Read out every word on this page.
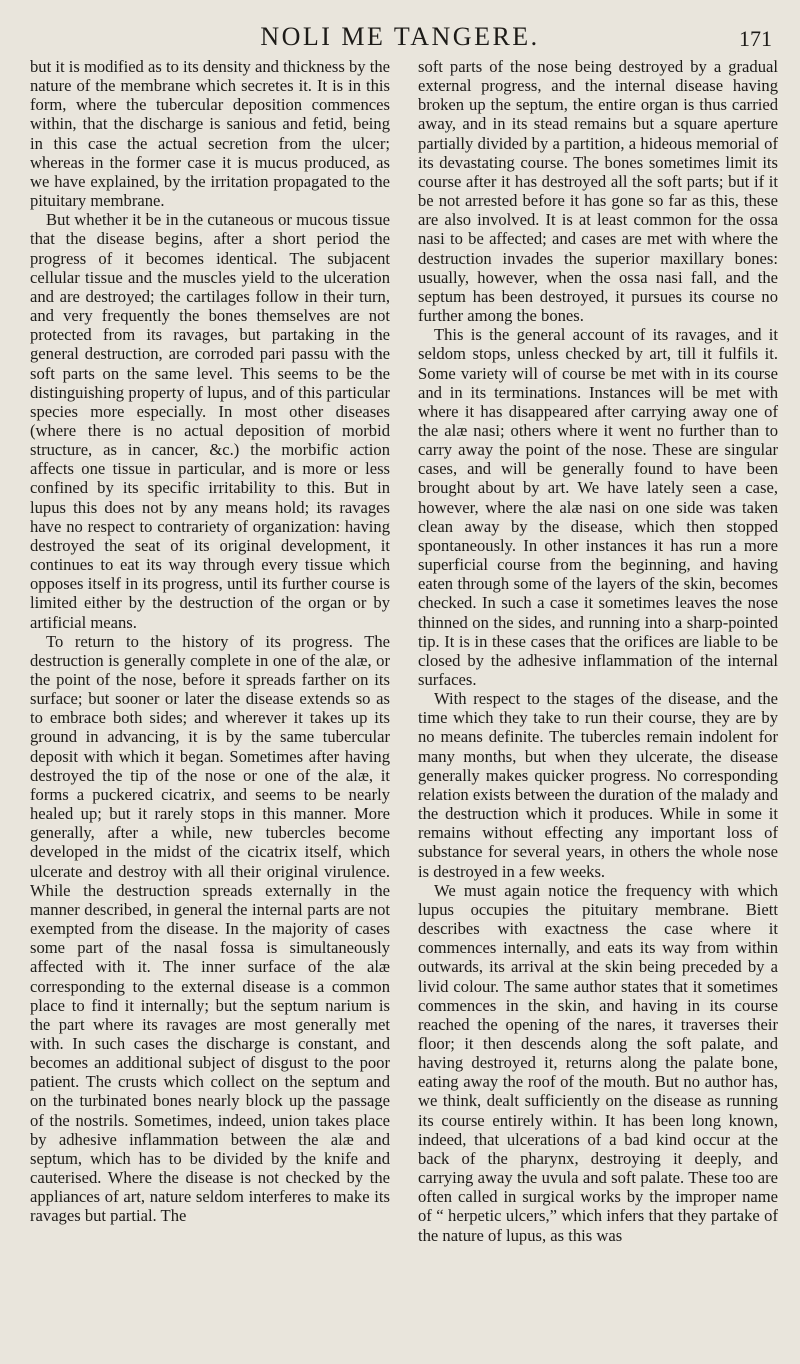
NOLI ME TANGERE.	171

but it is modified as to its density and thickness by the nature of the membrane which secretes it. It is in this form, where the tubercular deposition commences within, that the discharge is sanious and fetid, being in this case the actual secretion from the ulcer; whereas in the former case it is mucus produced, as we have explained, by the irritation propagated to the pituitary membrane.

But whether it be in the cutaneous or mucous tissue that the disease begins, after a short period the progress of it becomes identical. The subjacent cellular tissue and the muscles yield to the ulceration and are destroyed; the cartilages follow in their turn, and very frequently the bones themselves are not protected from its ravages, but partaking in the general destruction, are corroded pari passu with the soft parts on the same level. This seems to be the distinguishing property of lupus, and of this particular species more especially. In most other diseases (where there is no actual deposition of morbid structure, as in cancer, &c.) the morbific action affects one tissue in particular, and is more or less confined by its specific irritability to this. But in lupus this does not by any means hold; its ravages have no respect to contrariety of organization: having destroyed the seat of its original development, it continues to eat its way through every tissue which opposes itself in its progress, until its further course is limited either by the destruction of the organ or by artificial means.

To return to the history of its progress. The destruction is generally complete in one of the alæ, or the point of the nose, before it spreads farther on its surface; but sooner or later the disease extends so as to embrace both sides; and wherever it takes up its ground in advancing, it is by the same tubercular deposit with which it began. Sometimes after having destroyed the tip of the nose or one of the alæ, it forms a puckered cicatrix, and seems to be nearly healed up; but it rarely stops in this manner. More generally, after a while, new tubercles become developed in the midst of the cicatrix itself, which ulcerate and destroy with all their original virulence. While the destruction spreads externally in the manner described, in general the internal parts are not exempted from the disease. In the majority of cases some part of the nasal fossa is simultaneously affected with it. The inner surface of the alæ corresponding to the external disease is a common place to find it internally; but the septum narium is the part where its ravages are most generally met with. In such cases the discharge is constant, and becomes an additional subject of disgust to the poor patient. The crusts which collect on the septum and on the turbinated bones nearly block up the passage of the nostrils. Sometimes, indeed, union takes place by adhesive inflammation between the alæ and septum, which has to be divided by the knife and cauterised. Where the disease is not checked by the appliances of art, nature seldom interferes to make its ravages but partial. The

soft parts of the nose being destroyed by a gradual external progress, and the internal disease having broken up the septum, the entire organ is thus carried away, and in its stead remains but a square aperture partially divided by a partition, a hideous memorial of its devastating course. The bones sometimes limit its course after it has destroyed all the soft parts; but if it be not arrested before it has gone so far as this, these are also involved. It is at least common for the ossa nasi to be affected; and cases are met with where the destruction invades the superior maxillary bones: usually, however, when the ossa nasi fall, and the septum has been destroyed, it pursues its course no further among the bones.

This is the general account of its ravages, and it seldom stops, unless checked by art, till it fulfils it. Some variety will of course be met with in its course and in its terminations. Instances will be met with where it has disappeared after carrying away one of the alæ nasi; others where it went no further than to carry away the point of the nose. These are singular cases, and will be generally found to have been brought about by art. We have lately seen a case, however, where the alæ nasi on one side was taken clean away by the disease, which then stopped spontaneously. In other instances it has run a more superficial course from the beginning, and having eaten through some of the layers of the skin, becomes checked. In such a case it sometimes leaves the nose thinned on the sides, and running into a sharp-pointed tip. It is in these cases that the orifices are liable to be closed by the adhesive inflammation of the internal surfaces.

With respect to the stages of the disease, and the time which they take to run their course, they are by no means definite. The tubercles remain indolent for many months, but when they ulcerate, the disease generally makes quicker progress. No corresponding relation exists between the duration of the malady and the destruction which it produces. While in some it remains without effecting any important loss of substance for several years, in others the whole nose is destroyed in a few weeks.

We must again notice the frequency with which lupus occupies the pituitary membrane. Biett describes with exactness the case where it commences internally, and eats its way from within outwards, its arrival at the skin being preceded by a livid colour. The same author states that it sometimes commences in the skin, and having in its course reached the opening of the nares, it traverses their floor; it then descends along the soft palate, and having destroyed it, returns along the palate bone, eating away the roof of the mouth. But no author has, we think, dealt sufficiently on the disease as running its course entirely within. It has been long known, indeed, that ulcerations of a bad kind occur at the back of the pharynx, destroying it deeply, and carrying away the uvula and soft palate. These too are often called in surgical works by the improper name of “ herpetic ulcers,” which infers that they partake of the nature of lupus, as this was
